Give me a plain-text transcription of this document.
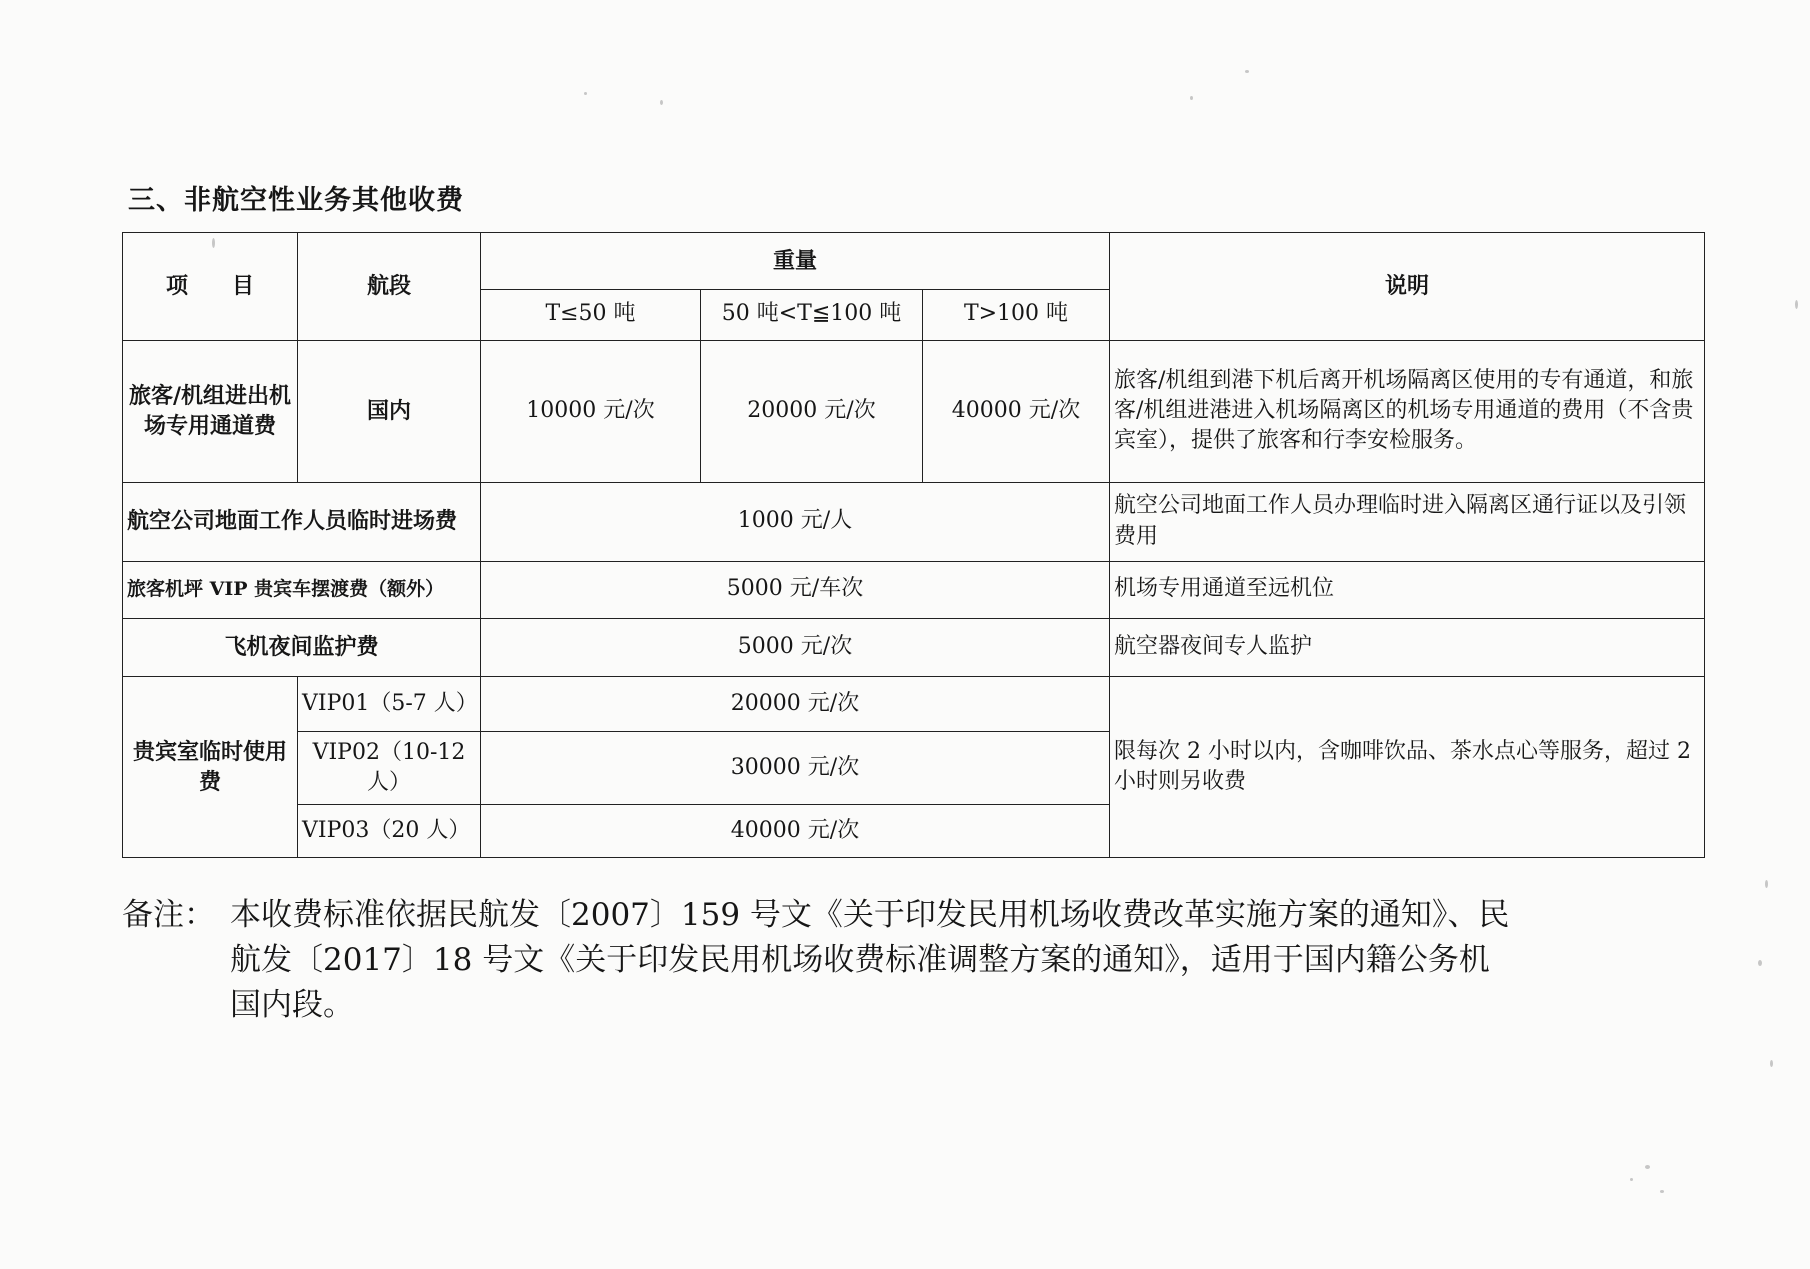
三、非航空性业务其他收费
项　　目	航段	重量			说明
		T≤50 吨	50 吨<T≦100 吨	T>100 吨	
旅客/机组进出机场专用通道费	国内	10000 元/次	20000 元/次	40000 元/次	旅客/机组到港下机后离开机场隔离区使用的专有通道，和旅客/机组进港进入机场隔离区的机场专用通道的费用（不含贵宾室），提供了旅客和行李安检服务。
航空公司地面工作人员临时进场费		1000 元/人			航空公司地面工作人员办理临时进入隔离区通行证以及引领费用
旅客机坪 VIP 贵宾车摆渡费（额外）		5000 元/车次			机场专用通道至远机位
飞机夜间监护费		5000 元/次			航空器夜间专人监护
贵宾室临时使用费	VIP01（5-7 人）	20000 元/次			限每次 2 小时以内，含咖啡饮品、茶水点心等服务，超过 2 小时则另收费
	VIP02（10-12 人）	30000 元/次			
	VIP03（20 人）	40000 元/次			
备注： 本收费标准依据民航发〔2007〕159 号文《关于印发民用机场收费改革实施方案的通知》、民
航发〔2017〕18 号文《关于印发民用机场收费标准调整方案的通知》，适用于国内籍公务机
国内段。
